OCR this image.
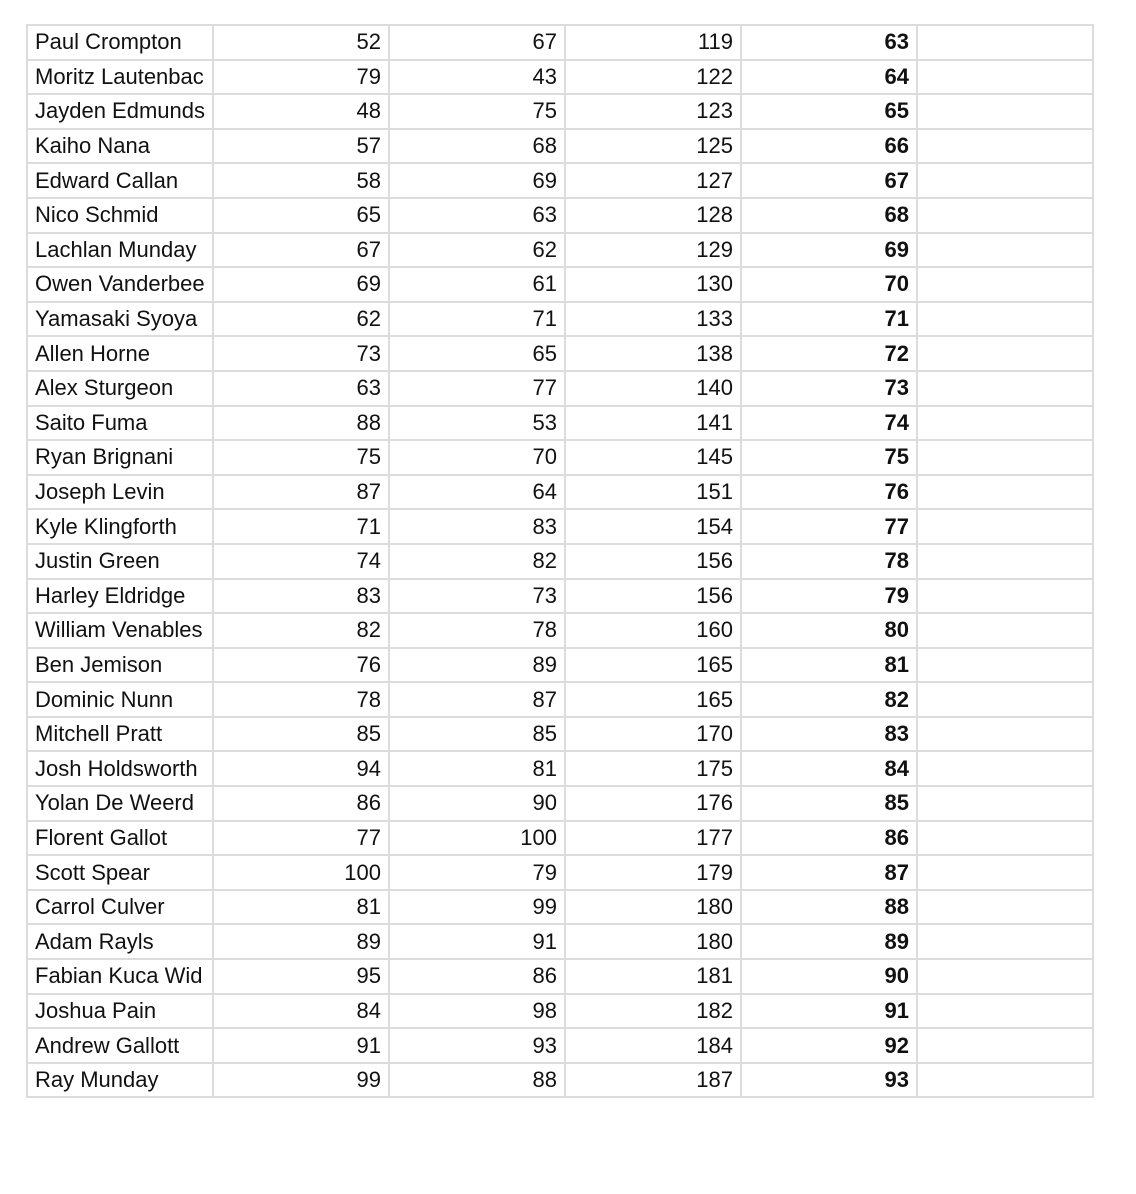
Paul Crompton	52	67	119	63	
Moritz Lautenbac	79	43	122	64	
Jayden Edmunds	48	75	123	65	
Kaiho Nana	57	68	125	66	
Edward Callan	58	69	127	67	
Nico Schmid	65	63	128	68	
Lachlan Munday	67	62	129	69	
Owen Vanderbee	69	61	130	70	
Yamasaki Syoya	62	71	133	71	
Allen Horne	73	65	138	72	
Alex Sturgeon	63	77	140	73	
Saito Fuma	88	53	141	74	
Ryan Brignani	75	70	145	75	
Joseph Levin	87	64	151	76	
Kyle Klingforth	71	83	154	77	
Justin Green	74	82	156	78	
Harley Eldridge	83	73	156	79	
William Venables	82	78	160	80	
Ben Jemison	76	89	165	81	
Dominic Nunn	78	87	165	82	
Mitchell Pratt	85	85	170	83	
Josh Holdsworth	94	81	175	84	
Yolan De Weerd	86	90	176	85	
Florent Gallot	77	100	177	86	
Scott Spear	100	79	179	87	
Carrol Culver	81	99	180	88	
Adam Rayls	89	91	180	89	
Fabian Kuca Wid	95	86	181	90	
Joshua Pain	84	98	182	91	
Andrew Gallott	91	93	184	92	
Ray Munday	99	88	187	93	
